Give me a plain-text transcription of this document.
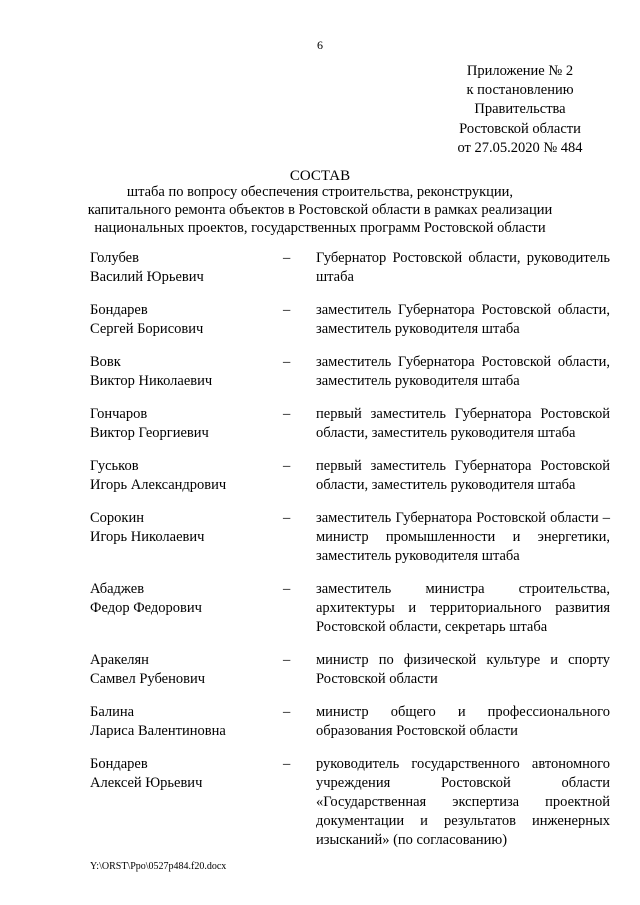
6
Приложение № 2
к постановлению
Правительства
Ростовской области
от 27.05.2020 № 484
СОСТАВ
штаба по вопросу обеспечения строительства, реконструкции,
капитального ремонта объектов в Ростовской области в рамках реализации
национальных проектов, государственных программ Ростовской области
Голубев
Василий Юрьевич
–	Губернатор Ростовской области, руководитель штаба
Бондарев
Сергей Борисович
–	заместитель Губернатора Ростовской области, заместитель руководителя штаба
Вовк
Виктор Николаевич
–	заместитель Губернатора Ростовской области, заместитель руководителя штаба
Гончаров
Виктор Георгиевич
–	первый заместитель Губернатора Ростовской области, заместитель руководителя штаба
Гуськов
Игорь Александрович
–	первый заместитель Губернатора Ростовской области, заместитель руководителя штаба
Сорокин
Игорь Николаевич
–	заместитель Губернатора Ростовской области – министр промышленности и энергетики, заместитель руководителя штаба
Абаджев
Федор Федорович
–	заместитель министра строительства, архитектуры и территориального развития Ростовской области, секретарь штаба
Аракелян
Самвел Рубенович
–	министр по физической культуре и спорту Ростовской области
Балина
Лариса Валентиновна
–	министр общего и профессионального образования Ростовской области
Бондарев
Алексей Юрьевич
–	руководитель государственного автономного учреждения Ростовской области «Государственная экспертиза проектной документации и результатов инженерных изысканий» (по согласованию)
Y:\ORST\Ppo\0527p484.f20.docx
